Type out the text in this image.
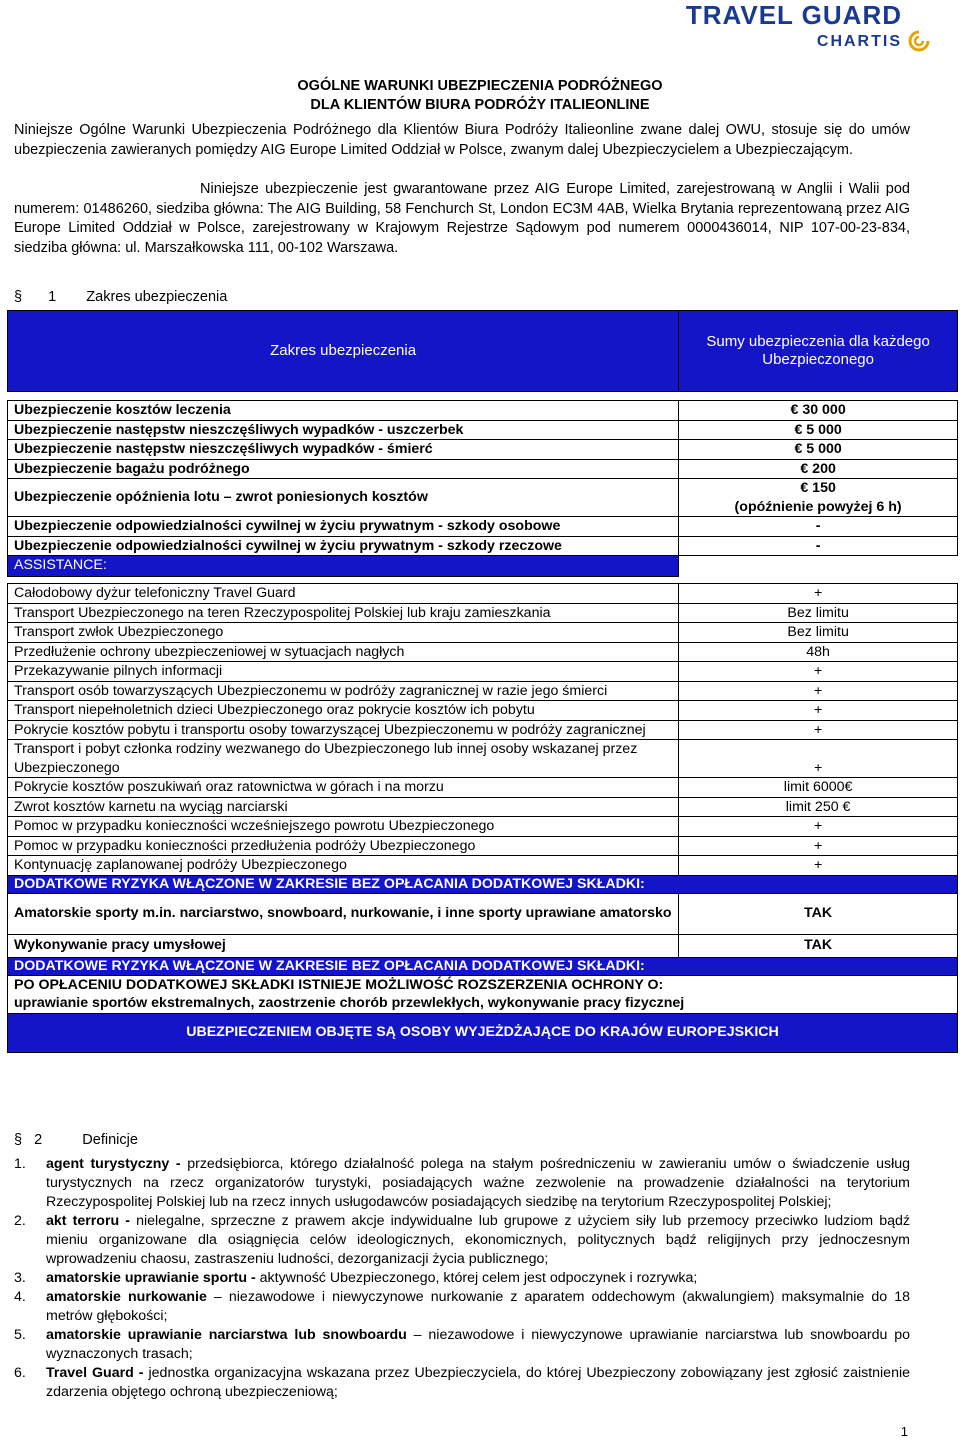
TRAVEL GUARD
CHARTIS
OGÓLNE WARUNKI UBEZPIECZENIA PODRÓŻNEGO
DLA KLIENTÓW BIURA PODRÓŻY ITALIEONLINE
Niniejsze Ogólne Warunki Ubezpieczenia Podróżnego dla Klientów Biura Podróży Italieonline zwane dalej OWU, stosuje się do umów ubezpieczenia zawieranych pomiędzy AIG Europe Limited Oddział w Polsce, zwanym dalej Ubezpieczycielem a Ubezpieczającym.
Niniejsze ubezpieczenie jest gwarantowane przez AIG Europe Limited, zarejestrowaną w Anglii i Walii pod numerem: 01486260, siedziba główna: The AIG Building, 58 Fenchurch St, London EC3M 4AB, Wielka Brytania reprezentowaną przez AIG Europe Limited Oddział w Polsce, zarejestrowany w Krajowym Rejestrze Sądowym pod numerem 0000436014, NIP 107-00-23-834, siedziba główna: ul. Marszałkowska 111, 00-102 Warszawa.
§ 1 Zakres ubezpieczenia
Zakres ubezpieczenia	Sumy ubezpieczenia dla każdego Ubezpieczonego

Ubezpieczenie kosztów leczenia	€ 30 000
Ubezpieczenie następstw nieszczęśliwych wypadków - uszczerbek	€ 5 000
Ubezpieczenie następstw nieszczęśliwych wypadków - śmierć	€ 5 000
Ubezpieczenie bagażu podróżnego	€ 200
Ubezpieczenie opóźnienia lotu – zwrot poniesionych kosztów	€ 150
(opóźnienie powyżej 6 h)
Ubezpieczenie odpowiedzialności cywilnej w życiu prywatnym - szkody osobowe	-
Ubezpieczenie odpowiedzialności cywilnej w życiu prywatnym - szkody rzeczowe	-
ASSISTANCE:	

Całodobowy dyżur telefoniczny Travel Guard	+
Transport Ubezpieczonego na teren Rzeczypospolitej Polskiej lub kraju zamieszkania	Bez limitu
Transport zwłok Ubezpieczonego	Bez limitu
Przedłużenie ochrony ubezpieczeniowej w sytuacjach nagłych	48h
Przekazywanie pilnych informacji	+
Transport osób towarzyszących Ubezpieczonemu w podróży zagranicznej w razie jego śmierci	+
Transport niepełnoletnich dzieci Ubezpieczonego oraz pokrycie kosztów ich pobytu	+
Pokrycie kosztów pobytu i transportu osoby towarzyszącej Ubezpieczonemu w podróży zagranicznej	+
Transport i pobyt członka rodziny wezwanego do Ubezpieczonego lub innej osoby wskazanej przez Ubezpieczonego	+
Pokrycie kosztów poszukiwań oraz ratownictwa w górach i na morzu	limit 6000€
Zwrot kosztów karnetu na wyciąg narciarski	limit 250 €
Pomoc w przypadku konieczności wcześniejszego powrotu Ubezpieczonego	+
Pomoc w przypadku konieczności przedłużenia podróży Ubezpieczonego	+
Kontynuację zaplanowanej podróży Ubezpieczonego	+
DODATKOWE RYZYKA WŁĄCZONE W ZAKRESIE BEZ OPŁACANIA DODATKOWEJ SKŁADKI:	
Amatorskie sporty m.in. narciarstwo, snowboard, nurkowanie, i inne sporty uprawiane amatorsko	TAK
Wykonywanie pracy umysłowej	TAK
DODATKOWE RYZYKA WŁĄCZONE W ZAKRESIE BEZ OPŁACANIA DODATKOWEJ SKŁADKI:	
PO OPŁACENIU DODATKOWEJ SKŁADKI ISTNIEJE MOŻLIWOŚĆ ROZSZERZENIA OCHRONY O:	
uprawianie sportów ekstremalnych, zaostrzenie chorób przewlekłych, wykonywanie pracy fizycznej	
UBEZPIECZENIEM OBJĘTE SĄ OSOBY WYJEŻDŻAJĄCE DO KRAJÓW EUROPEJSKICH	
§ 2	Definicje
1.	agent turystyczny - przedsiębiorca, którego działalność polega na stałym pośredniczeniu w zawieraniu umów o świadczenie usług turystycznych na rzecz organizatorów turystyki, posiadających ważne zezwolenie na prowadzenie działalności na terytorium Rzeczypospolitej Polskiej lub na rzecz innych usługodawców posiadających siedzibę na terytorium Rzeczypospolitej Polskiej;
2.	akt terroru - nielegalne, sprzeczne z prawem akcje indywidualne lub grupowe z użyciem siły lub przemocy przeciwko ludziom bądź mieniu organizowane dla osiągnięcia celów ideologicznych, ekonomicznych, politycznych bądź religijnych przy jednoczesnym wprowadzeniu chaosu, zastraszeniu ludności, dezorganizacji życia publicznego;
3.	amatorskie uprawianie sportu - aktywność Ubezpieczonego, której celem jest odpoczynek i rozrywka;
4.	amatorskie nurkowanie – niezawodowe i niewyczynowe nurkowanie z aparatem oddechowym (akwalungiem) maksymalnie do 18 metrów głębokości;
5.	amatorskie uprawianie narciarstwa lub snowboardu – niezawodowe i niewyczynowe uprawianie narciarstwa lub snowboardu po wyznaczonych trasach;
6.	Travel Guard - jednostka organizacyjna wskazana przez Ubezpieczyciela, do której Ubezpieczony zobowiązany jest zgłosić zaistnienie zdarzenia objętego ochroną ubezpieczeniową;
1
